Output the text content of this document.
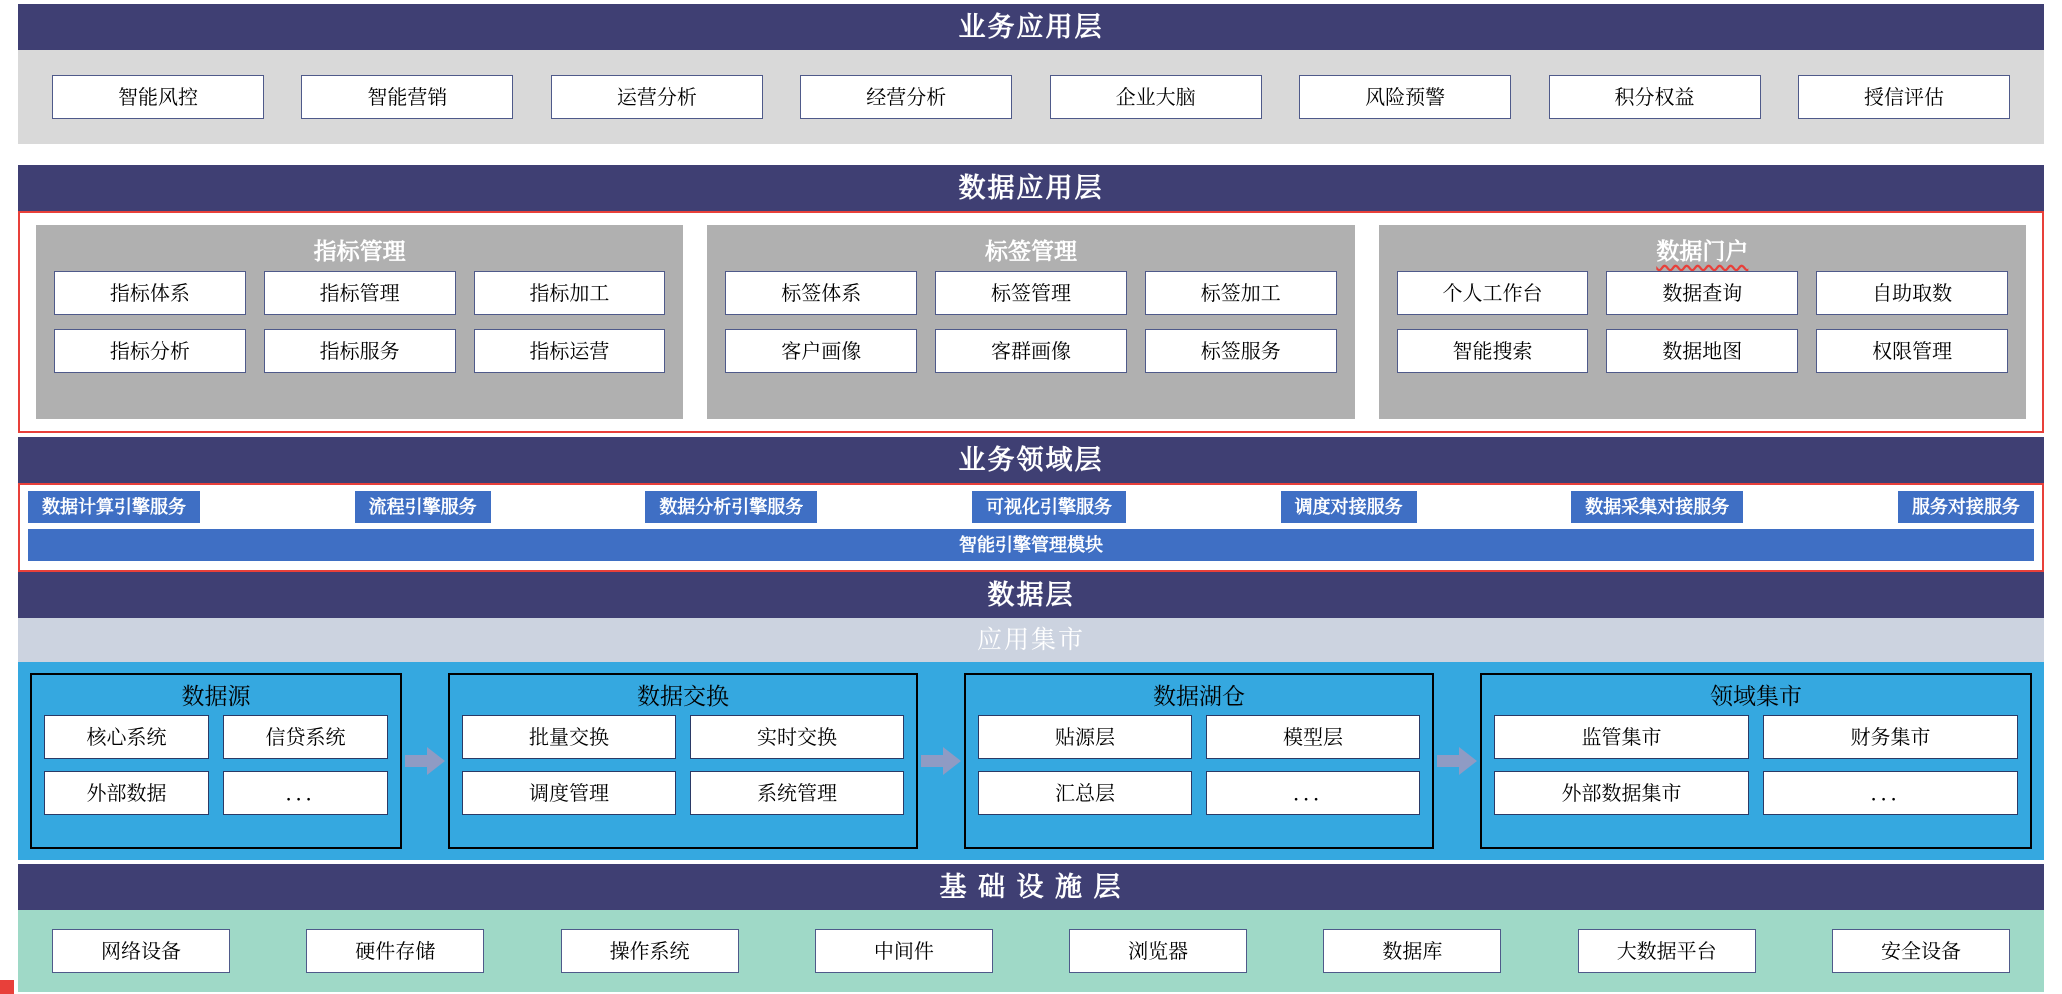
业务应用层
智能风控	智能营销	运营分析	经营分析	企业大脑	风险预警	积分权益	授信评估
数据应用层
指标管理
指标体系	指标管理	指标加工
指标分析	指标服务	指标运营
标签管理
标签体系	标签管理	标签加工
客户画像	客群画像	标签服务
数据门户
个人工作台	数据查询	自助取数
智能搜索	数据地图	权限管理
业务领域层
数据计算引擎服务	流程引擎服务	数据分析引擎服务	可视化引擎服务	调度对接服务	数据采集对接服务	服务对接服务
智能引擎管理模块
数据层
应用集市
数据源
核心系统	信贷系统
外部数据	．．．
数据交换
批量交换	实时交换
调度管理	系统管理
数据湖仓
贴源层	模型层
汇总层	．．．
领域集市
监管集市	财务集市
外部数据集市	．．．
基 础 设 施 层
网络设备	硬件存储	操作系统	中间件	浏览器	数据库	大数据平台	安全设备
